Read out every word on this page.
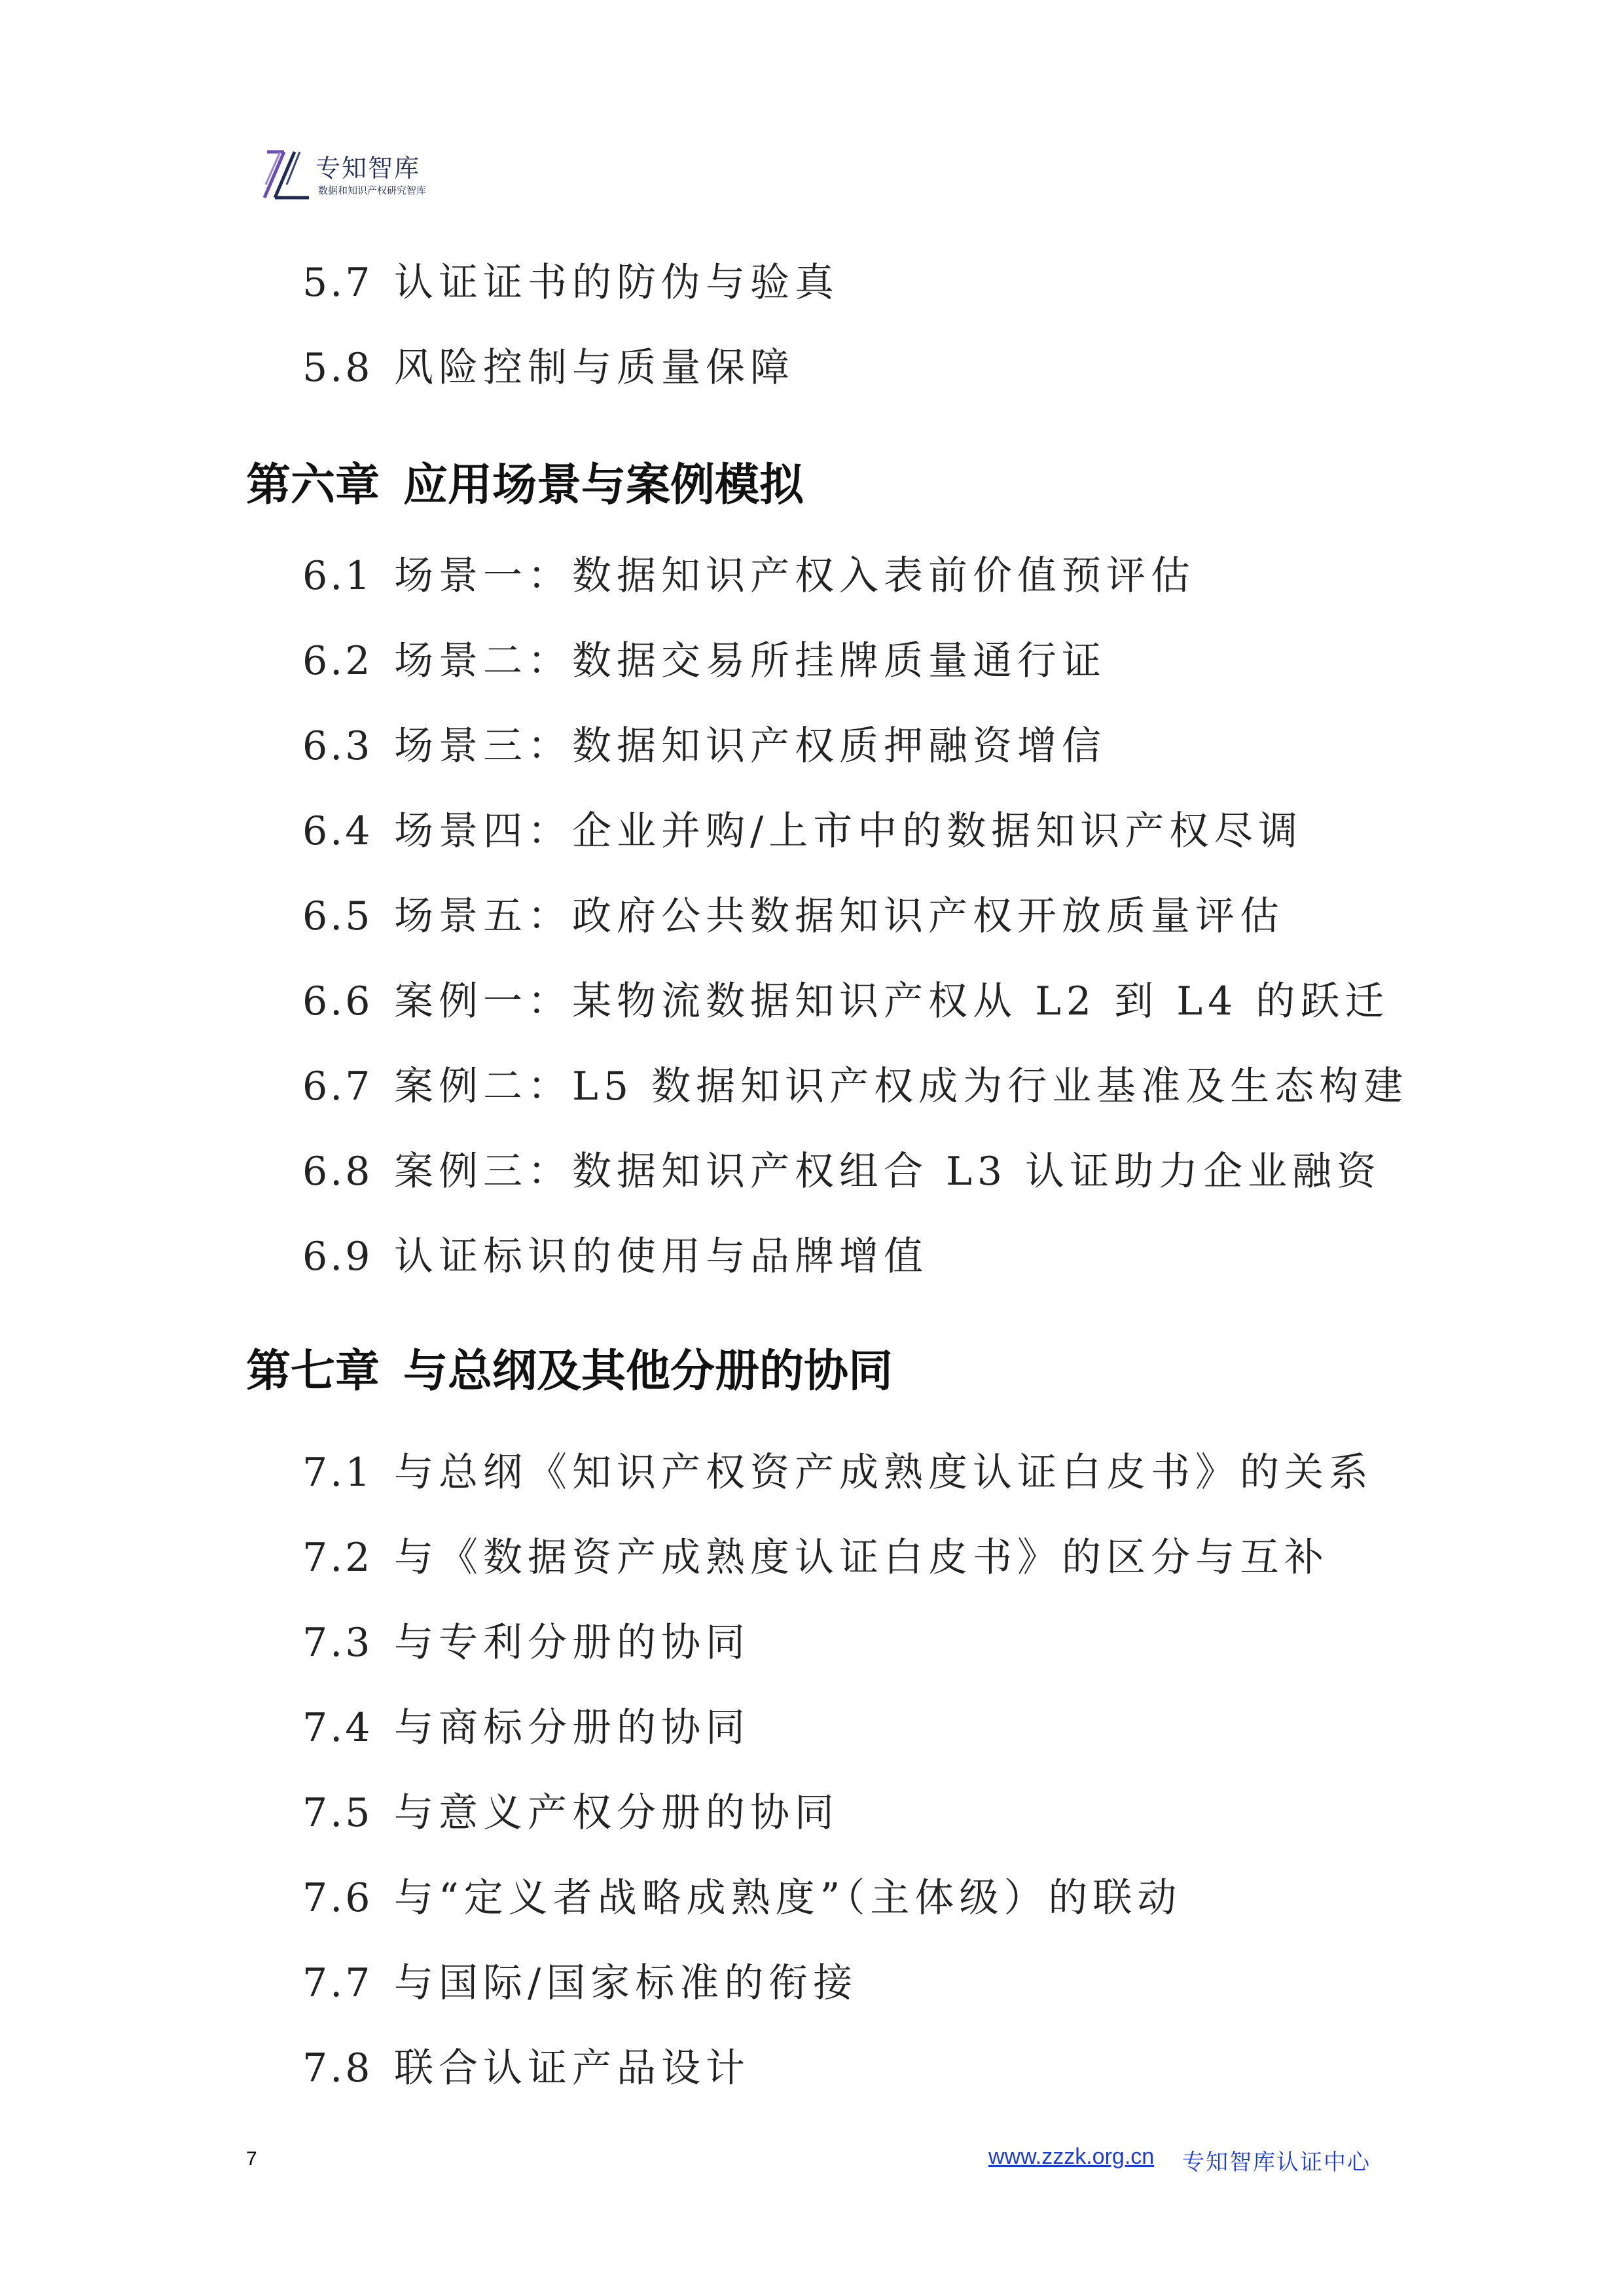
专知智库
数据和知识产权研究智库
5.7 认证证书的防伪与验真
5.8 风险控制与质量保障
第六章 应用场景与案例模拟
6.1 场景一：数据知识产权入表前价值预评估
6.2 场景二：数据交易所挂牌质量通行证
6.3 场景三：数据知识产权质押融资增信
6.4 场景四：企业并购/上市中的数据知识产权尽调
6.5 场景五：政府公共数据知识产权开放质量评估
6.6 案例一：某物流数据知识产权从 L2 到 L4 的跃迁
6.7 案例二：L5 数据知识产权成为行业基准及生态构建
6.8 案例三：数据知识产权组合 L3 认证助力企业融资
6.9 认证标识的使用与品牌增值
第七章 与总纲及其他分册的协同
7.1 与总纲《知识产权资产成熟度认证白皮书》的关系
7.2 与《数据资产成熟度认证白皮书》的区分与互补
7.3 与专利分册的协同
7.4 与商标分册的协同
7.5 与意义产权分册的协同
7.6 与“定义者战略成熟度”（主体级）的联动
7.7 与国际/国家标准的衔接
7.8 联合认证产品设计
7	www.zzzk.org.cn 专知智库认证中心
